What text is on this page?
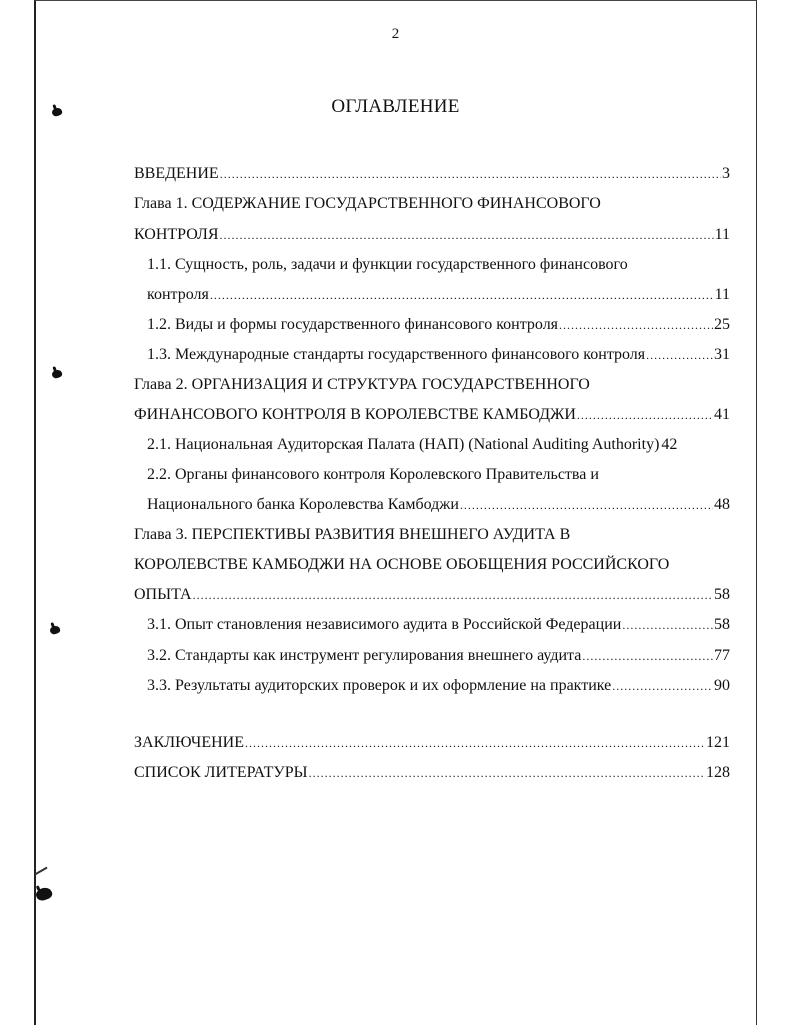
2
ОГЛАВЛЕНИЕ
ВВЕДЕНИЕ .....	3
Глава 1. СОДЕРЖАНИЕ ГОСУДАРСТВЕННОГО ФИНАНСОВОГО
КОНТРОЛЯ .....	11
1.1. Сущность, роль, задачи и функции государственного финансового
контроля .....	11
1.2. Виды и формы государственного финансового контроля .....	25
1.3. Международные стандарты государственного финансового контроля .....	31
Глава 2. ОРГАНИЗАЦИЯ И СТРУКТУРА ГОСУДАРСТВЕННОГО
ФИНАНСОВОГО КОНТРОЛЯ В КОРОЛЕВСТВЕ КАМБОДЖИ .....	41
2.1. Национальная Аудиторская Палата (НАП) (National Auditing Authority) 42
2.2. Органы финансового контроля Королевского Правительства и
Национального банка Королевства Камбоджи .....	48
Глава 3. ПЕРСПЕКТИВЫ РАЗВИТИЯ ВНЕШНЕГО АУДИТА В
КОРОЛЕВСТВЕ КАМБОДЖИ НА ОСНОВЕ ОБОБЩЕНИЯ РОССИЙСКОГО
ОПЫТА .....	58
3.1. Опыт становления независимого аудита в Российской Федерации .....	58
3.2. Стандарты как инструмент регулирования внешнего аудита .....	77
3.3. Результаты аудиторских проверок и их оформление на практике .....	90
ЗАКЛЮЧЕНИЕ .....	121
СПИСОК ЛИТЕРАТУРЫ .....	128
